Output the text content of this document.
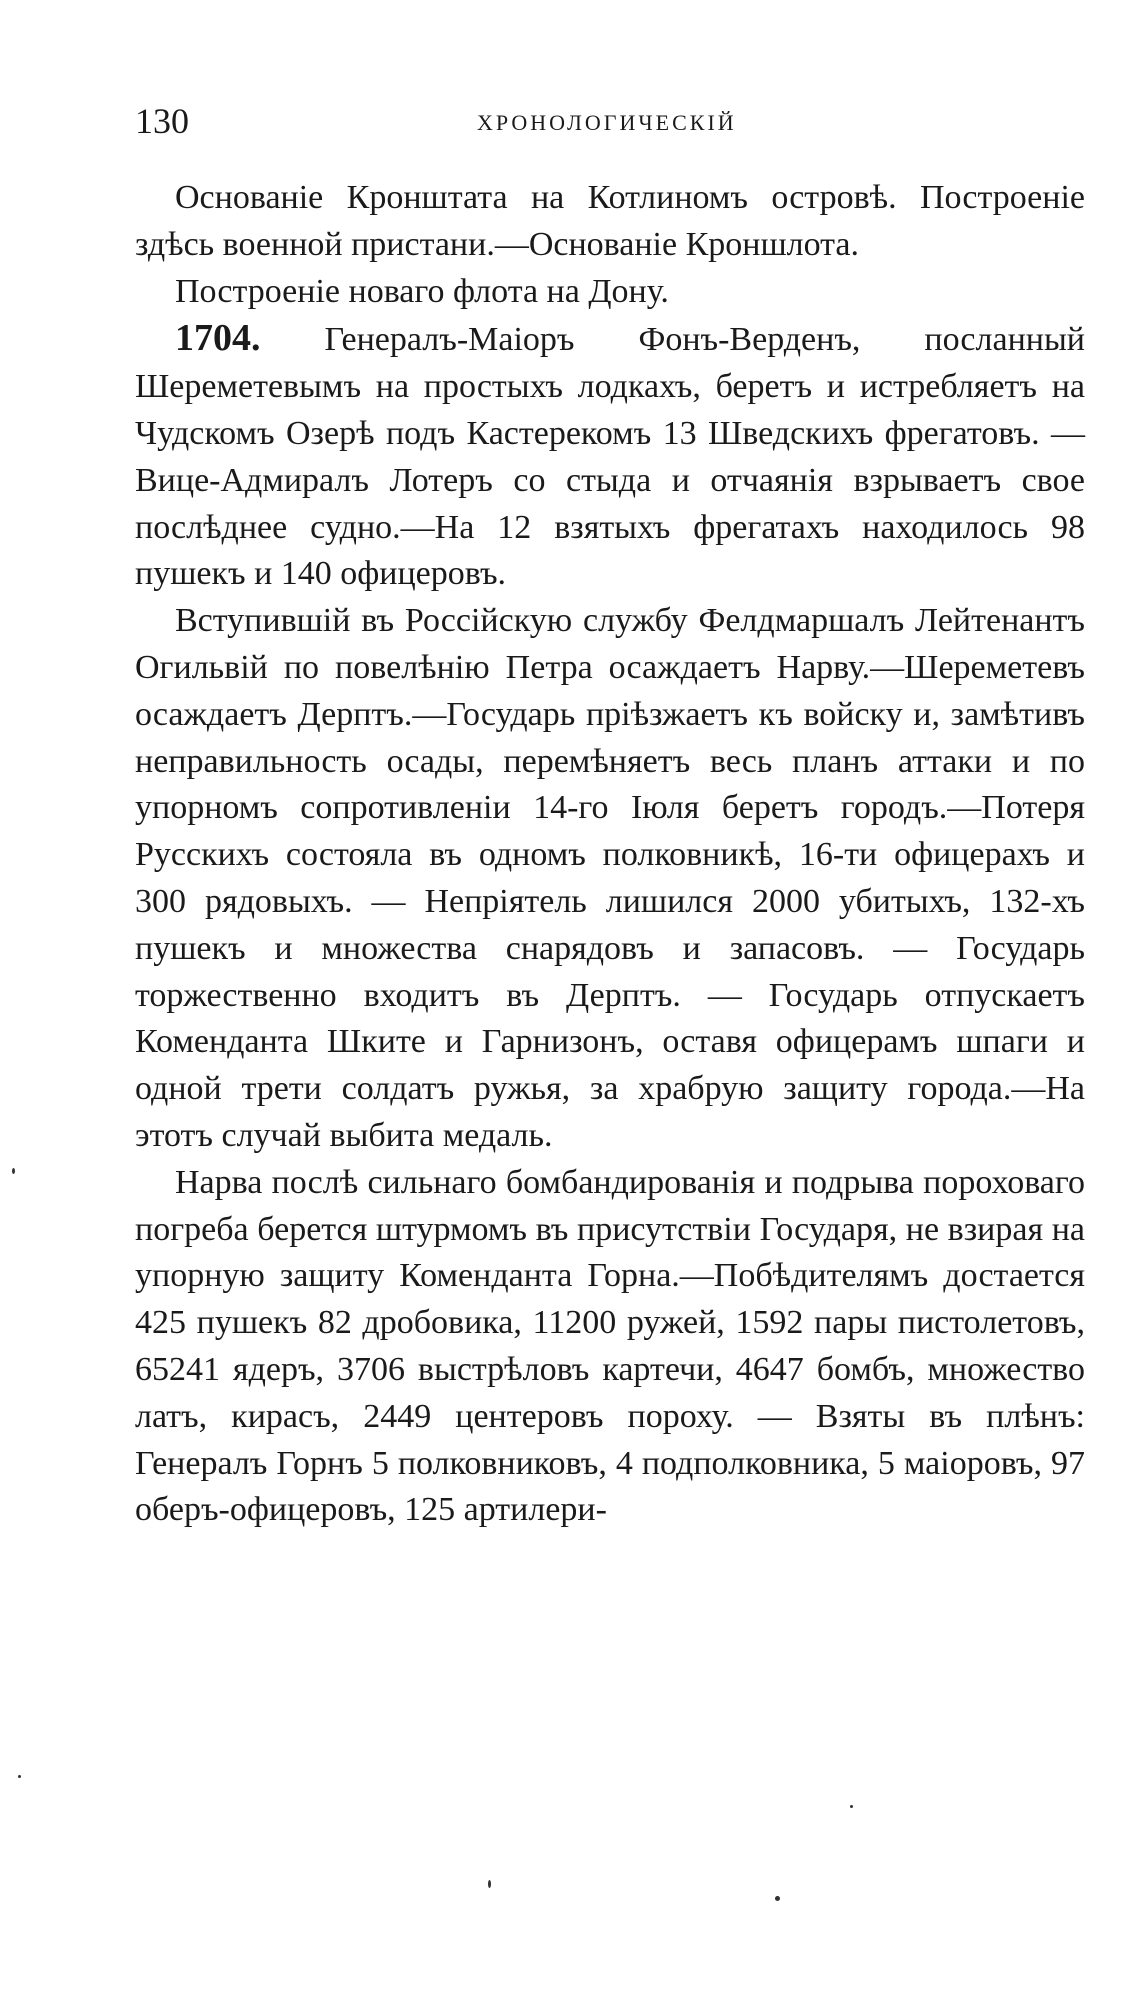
130	ХРОНОЛОГИЧЕСКІЙ

Основаніе Кронштата на Котлиномъ островѣ. Построеніе здѣсь военной пристани.—Основаніе Кроншлота.

Построеніе новаго флота на Дону.

1704. Генералъ-Маіоръ Фонъ-Верденъ, посланный Шереметевымъ на простыхъ лодкахъ, беретъ и истребляетъ на Чудскомъ Озерѣ подъ Кастерекомъ 13 Шведскихъ фрегатовъ. — Вице-Адмиралъ Лотеръ со стыда и отчаянія взрываетъ свое послѣднее судно.—На 12 взятыхъ фрегатахъ находилось 98 пушекъ и 140 офицеровъ.

Вступившій въ Россійскую службу Фелдмаршалъ Лейтенантъ Огильвій по повелѣнію Петра осаждаетъ Нарву.—Шереметевъ осаждаетъ Дерптъ.—Государь пріѣзжаетъ къ войску и, замѣтивъ неправильность осады, перемѣняетъ весь планъ аттаки и по упорномъ сопротивленіи 14-го Іюля беретъ городъ.—Потеря Русскихъ состояла въ одномъ полковникѣ, 16-ти офицерахъ и 300 рядовыхъ. — Непріятель лишился 2000 убитыхъ, 132-хъ пушекъ и множества снарядовъ и запасовъ. — Государь торжественно входитъ въ Дерптъ. — Государь отпускаетъ Коменданта Шките и Гарнизонъ, оставя офицерамъ шпаги и одной трети солдатъ ружья, за храбрую защиту города.—На этотъ случай выбита медаль.

Нарва послѣ сильнаго бомбандированія и подрыва пороховаго погреба берется штурмомъ въ присутствіи Государя, не взирая на упорную защиту Коменданта Горна.—Побѣдителямъ достается 425 пушекъ 82 дробовика, 11200 ружей, 1592 пары пистолетовъ, 65241 ядеръ, 3706 выстрѣловъ картечи, 4647 бомбъ, множество латъ, кирасъ, 2449 центеровъ пороху. — Взяты въ плѣнъ: Генералъ Горнъ 5 полковниковъ, 4 подполковника, 5 маіоровъ, 97 оберъ-офицеровъ, 125 артилери-
